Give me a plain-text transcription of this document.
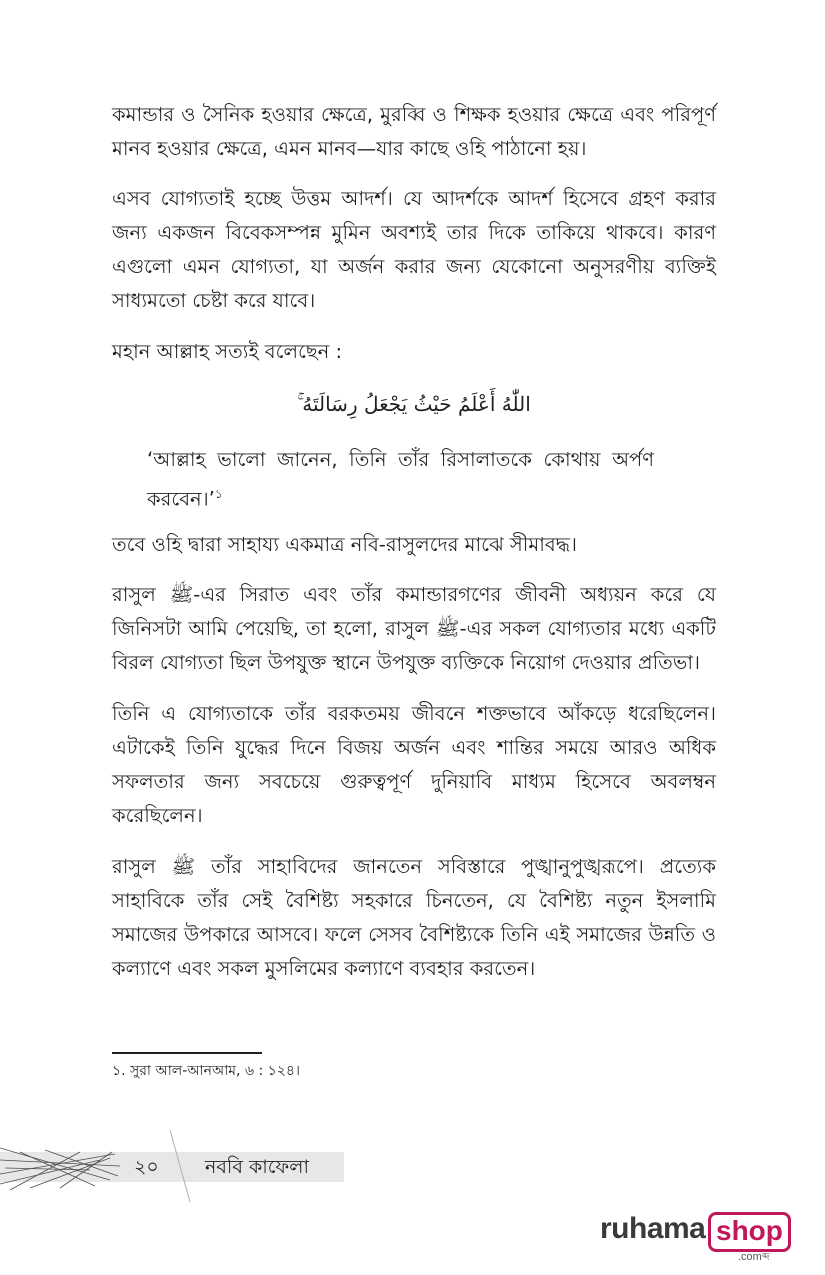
কমান্ডার ও সৈনিক হওয়ার ক্ষেত্রে, মুরব্বি ও শিক্ষক হওয়ার ক্ষেত্রে এবং পরিপূর্ণ মানব হওয়ার ক্ষেত্রে, এমন মানব—যার কাছে ওহি পাঠানো হয়।

এসব যোগ্যতাই হচ্ছে উত্তম আদর্শ। যে আদর্শকে আদর্শ হিসেবে গ্রহণ করার জন্য একজন বিবেকসম্পন্ন মুমিন অবশ্যই তার দিকে তাকিয়ে থাকবে। কারণ এগুলো এমন যোগ্যতা, যা অর্জন করার জন্য যেকোনো অনুসরণীয় ব্যক্তিই সাধ্যমতো চেষ্টা করে যাবে।

মহান আল্লাহ সত্যই বলেছেন :

اللّٰهُ أَعْلَمُ حَيْثُ يَجْعَلُ رِسَالَتَهُ ۚ

‘আল্লাহ ভালো জানেন, তিনি তাঁর রিসালাতকে কোথায় অর্পণ করবেন।’$^১$

তবে ওহি দ্বারা সাহায্য একমাত্র নবি-রাসুলদের মাঝে সীমাবদ্ধ।

রাসুল ﷺ-এর সিরাত এবং তাঁর কমান্ডারগণের জীবনী অধ্যয়ন করে যে জিনিসটা আমি পেয়েছি, তা হলো, রাসুল ﷺ-এর সকল যোগ্যতার মধ্যে একটি বিরল যোগ্যতা ছিল উপযুক্ত স্থানে উপযুক্ত ব্যক্তিকে নিয়োগ দেওয়ার প্রতিভা।

তিনি এ যোগ্যতাকে তাঁর বরকতময় জীবনে শক্তভাবে আঁকড়ে ধরেছিলেন। এটাকেই তিনি যুদ্ধের দিনে বিজয় অর্জন এবং শান্তির সময়ে আরও অধিক সফলতার জন্য সবচেয়ে গুরুত্বপূর্ণ দুনিয়াবি মাধ্যম হিসেবে অবলম্বন করেছিলেন।

রাসুল ﷺ তাঁর সাহাবিদের জানতেন সবিস্তারে পুঙ্খানুপুঙ্খরূপে। প্রত্যেক সাহাবিকে তাঁর সেই বৈশিষ্ট্য সহকারে চিনতেন, যে বৈশিষ্ট্য নতুন ইসলামি সমাজের উপকারে আসবে। ফলে সেসব বৈশিষ্ট্যকে তিনি এই সমাজের উন্নতি ও কল্যাণে এবং সকল মুসলিমের কল্যাণে ব্যবহার করতেন।

১. সুরা আল-আনআম, ৬ : ১২৪।
২০ নববি কাফেলা
ruhama shop
.comব্দ
